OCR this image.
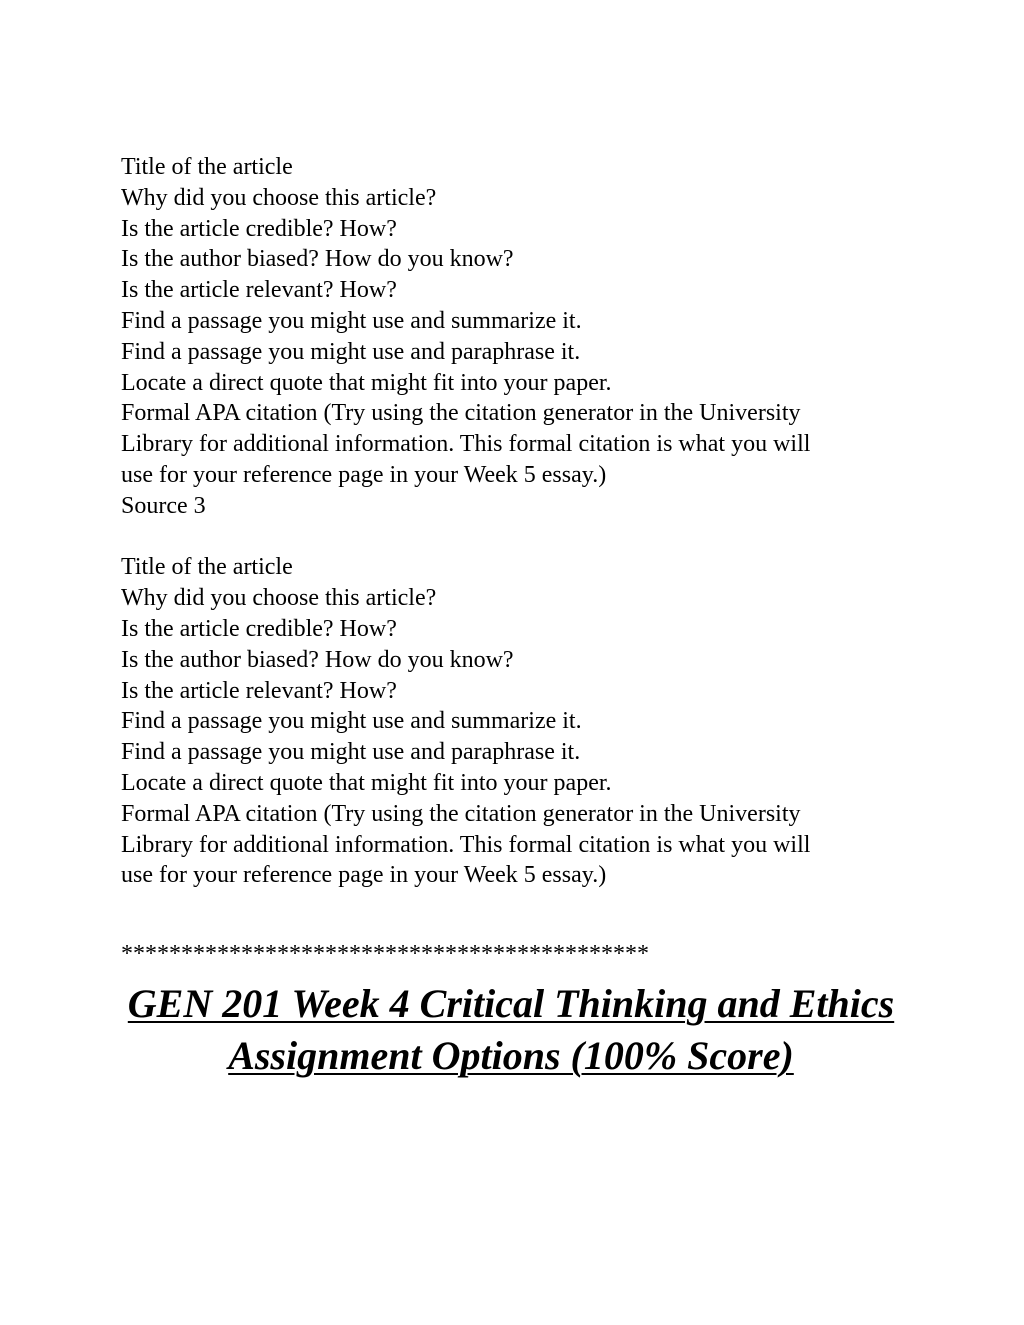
Title of the article
Why did you choose this article?
Is the article credible? How?
Is the author biased? How do you know?
Is the article relevant? How?
Find a passage you might use and summarize it.
Find a passage you might use and paraphrase it.
Locate a direct quote that might fit into your paper.
Formal APA citation (Try using the citation generator in the University
Library for additional information. This formal citation is what you will
use for your reference page in your Week 5 essay.)
Source 3
Title of the article
Why did you choose this article?
Is the article credible? How?
Is the author biased? How do you know?
Is the article relevant? How?
Find a passage you might use and summarize it.
Find a passage you might use and paraphrase it.
Locate a direct quote that might fit into your paper.
Formal APA citation (Try using the citation generator in the University
Library for additional information. This formal citation is what you will
use for your reference page in your Week 5 essay.)
********************************************
GEN 201 Week 4 Critical Thinking and Ethics
Assignment Options (100% Score)
